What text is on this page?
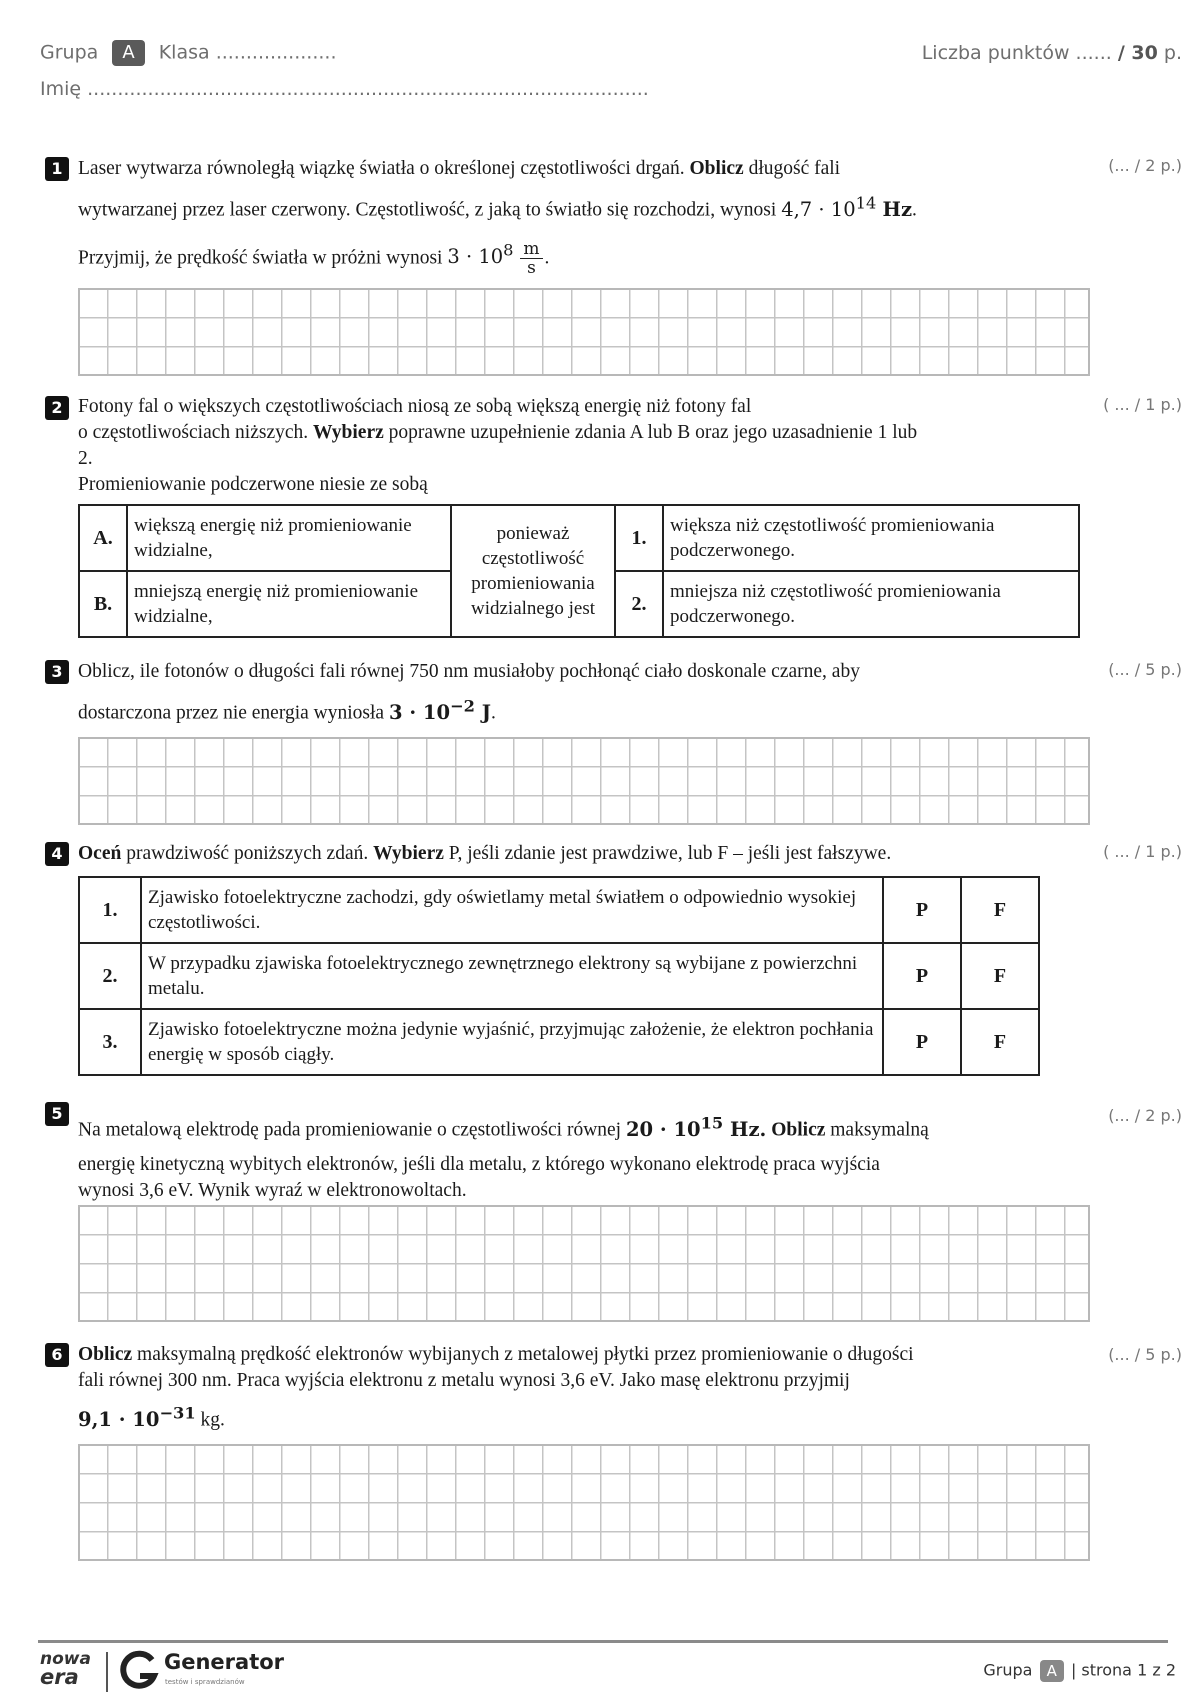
Grupa A Klasa ....................	Liczba punktów ...... / 30 p.
Imię .............................................................................................
1	(... / 2 p.)
Laser wytwarza równoległą wiązkę światła o określonej częstotliwości drgań. Oblicz długość fali
wytwarzanej przez laser czerwony. Częstotliwość, z jaką to światło się rozchodzi, wynosi $4,7 \cdot 10^{14}$ Hz.
Przyjmij, że prędkość światła w próżni wynosi $3 \cdot 10^8 \frac{m}{s}$ .
2	( ... / 1 p.)
Fotony fal o większych częstotliwościach niosą ze sobą większą energię niż fotony fal
o częstotliwościach niższych. Wybierz poprawne uzupełnienie zdania A lub B oraz jego uzasadnienie 1 lub
2.
Promieniowanie podczerwone niesie ze sobą
A.	większą energię niż promieniowanie widzialne,	ponieważ częstotliwość promieniowania widzialnego jest	1.	większa niż częstotliwość promieniowania podczerwonego.
B.	mniejszą energię niż promieniowanie widzialne,		2.	mniejsza niż częstotliwość promieniowania podczerwonego.
3	(... / 5 p.)
Oblicz, ile fotonów o długości fali równej 750 nm musiałoby pochłonąć ciało doskonale czarne, aby
dostarczona przez nie energia wyniosła $3 \cdot 10^{-2}$ J.
4	( ... / 1 p.)
Oceń prawdziwość poniższych zdań. Wybierz P, jeśli zdanie jest prawdziwe, lub F – jeśli jest fałszywe.
1.	Zjawisko fotoelektryczne zachodzi, gdy oświetlamy metal światłem o odpowiednio wysokiej częstotliwości.	P	F
2.	W przypadku zjawiska fotoelektrycznego zewnętrznego elektrony są wybijane z powierzchni metalu.	P	F
3.	Zjawisko fotoelektryczne można jedynie wyjaśnić, przyjmując założenie, że elektron pochłania energię w sposób ciągły.	P	F
5	(... / 2 p.)
Na metalową elektrodę pada promieniowanie o częstotliwości równej $20 \cdot 10^{15}$ Hz. Oblicz maksymalną
energię kinetyczną wybitych elektronów, jeśli dla metalu, z którego wykonano elektrodę praca wyjścia
wynosi 3,6 eV. Wynik wyraź w elektronowoltach.
6	(... / 5 p.)
Oblicz maksymalną prędkość elektronów wybijanych z metalowej płytki przez promieniowanie o długości
fali równej 300 nm. Praca wyjścia elektronu z metalu wynosi 3,6 eV. Jako masę elektronu przyjmij
$9,1 \cdot 10^{-31}$ kg.
nowa
era
Generator
testów i sprawdzianów
Grupa A | strona 1 z 2
